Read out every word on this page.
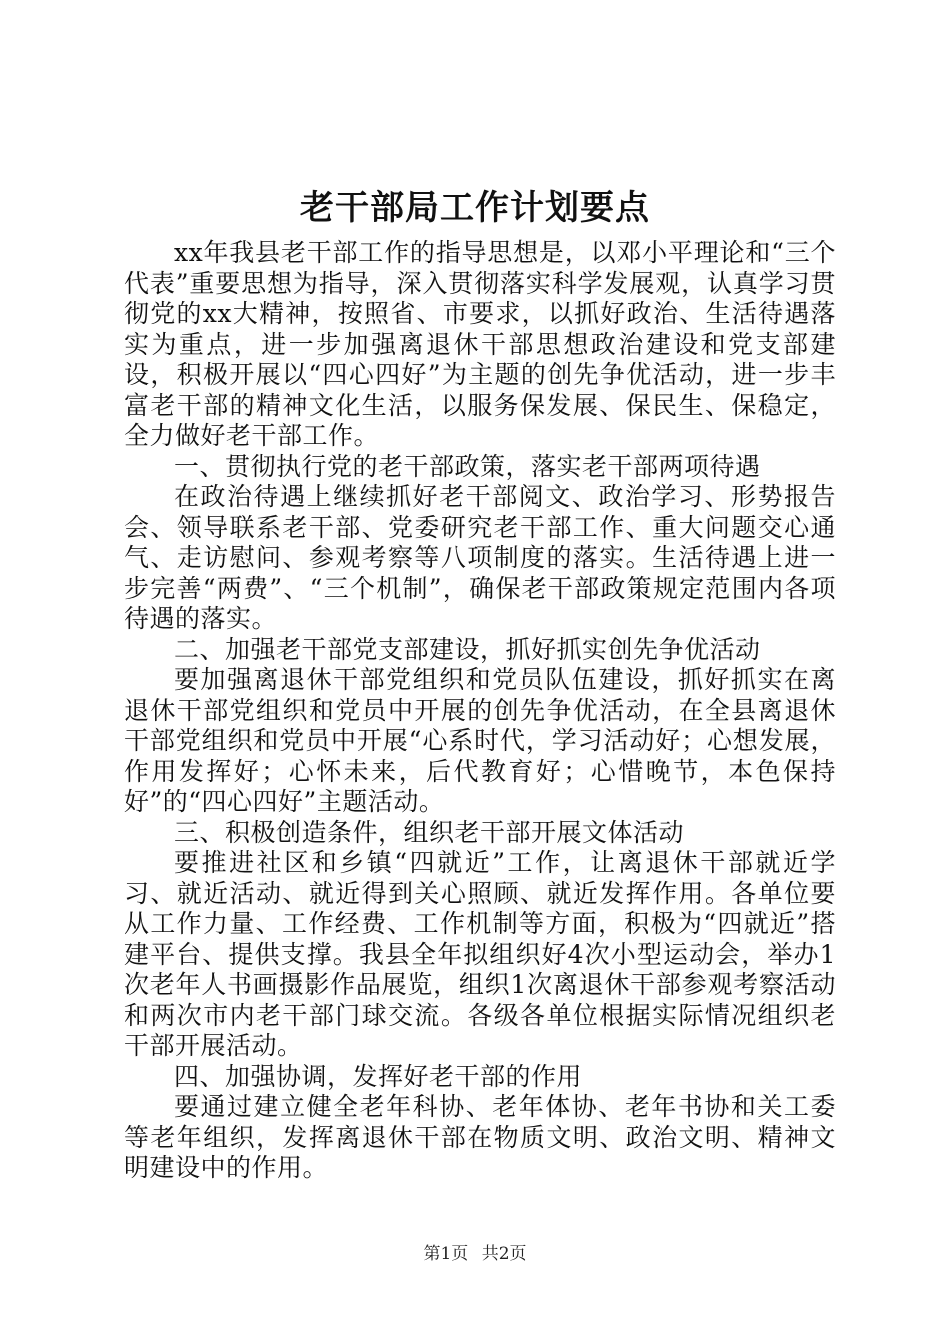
老干部局工作计划要点

xx年我县老干部工作的指导思想是，以邓小平理论和“三个代表”重要思想为指导，深入贯彻落实科学发展观，认真学习贯彻党的xx大精神，按照省、市要求，以抓好政治、生活待遇落实为重点，进一步加强离退休干部思想政治建设和党支部建设，积极开展以“四心四好”为主题的创先争优活动，进一步丰富老干部的精神文化生活，以服务保发展、保民生、保稳定，全力做好老干部工作。

一、贯彻执行党的老干部政策，落实老干部两项待遇

在政治待遇上继续抓好老干部阅文、政治学习、形势报告会、领导联系老干部、党委研究老干部工作、重大问题交心通气、走访慰问、参观考察等八项制度的落实。生活待遇上进一步完善“两费”、“三个机制”，确保老干部政策规定范围内各项待遇的落实。

二、加强老干部党支部建设，抓好抓实创先争优活动

要加强离退休干部党组织和党员队伍建设，抓好抓实在离退休干部党组织和党员中开展的创先争优活动，在全县离退休干部党组织和党员中开展“心系时代，学习活动好；心想发展，作用发挥好；心怀未来，后代教育好；心惜晚节，本色保持好”的“四心四好”主题活动。

三、积极创造条件，组织老干部开展文体活动

要推进社区和乡镇“四就近”工作，让离退休干部就近学习、就近活动、就近得到关心照顾、就近发挥作用。各单位要从工作力量、工作经费、工作机制等方面，积极为“四就近”搭建平台、提供支撑。我县全年拟组织好4次小型运动会，举办1次老年人书画摄影作品展览，组织1次离退休干部参观考察活动和两次市内老干部门球交流。各级各单位根据实际情况组织老干部开展活动。

四、加强协调，发挥好老干部的作用

要通过建立健全老年科协、老年体协、老年书协和关工委等老年组织，发挥离退休干部在物质文明、政治文明、精神文明建设中的作用。

第1页 共2页
